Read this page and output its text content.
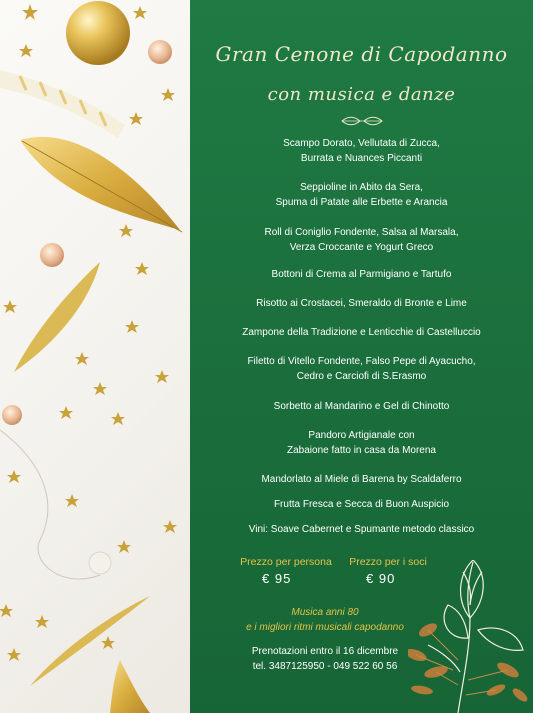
Gran Cenone di Capodanno
con musica e danze
Scampo Dorato, Vellutata di Zucca,
Burrata e Nuances Piccanti
Seppioline in Abito da Sera,
Spuma di Patate alle Erbette e Arancia
Roll di Coniglio Fondente, Salsa al Marsala,
Verza Croccante e Yogurt Greco
Bottoni di Crema al Parmigiano e Tartufo
Risotto ai Crostacei, Smeraldo di Bronte e Lime
Zampone della Tradizione e Lenticchie di Castelluccio
Filetto di Vitello Fondente, Falso Pepe di Ayacucho,
Cedro e Carciofi di S.Erasmo
Sorbetto al Mandarino e Gel di Chinotto
Pandoro Artigianale con
Zabaione fatto in casa da Morena
Mandorlato al Miele di Barena by Scaldaferro
Frutta Fresca e Secca di Buon Auspicio
Vini: Soave Cabernet e Spumante metodo classico
Prezzo per persona
€ 95
Prezzo per i soci
€ 90
Musica anni 80
e i migliori ritmi musicali capodanno
Prenotazioni entro il 16 dicembre
tel. 3487125950 - 049 522 60 56
